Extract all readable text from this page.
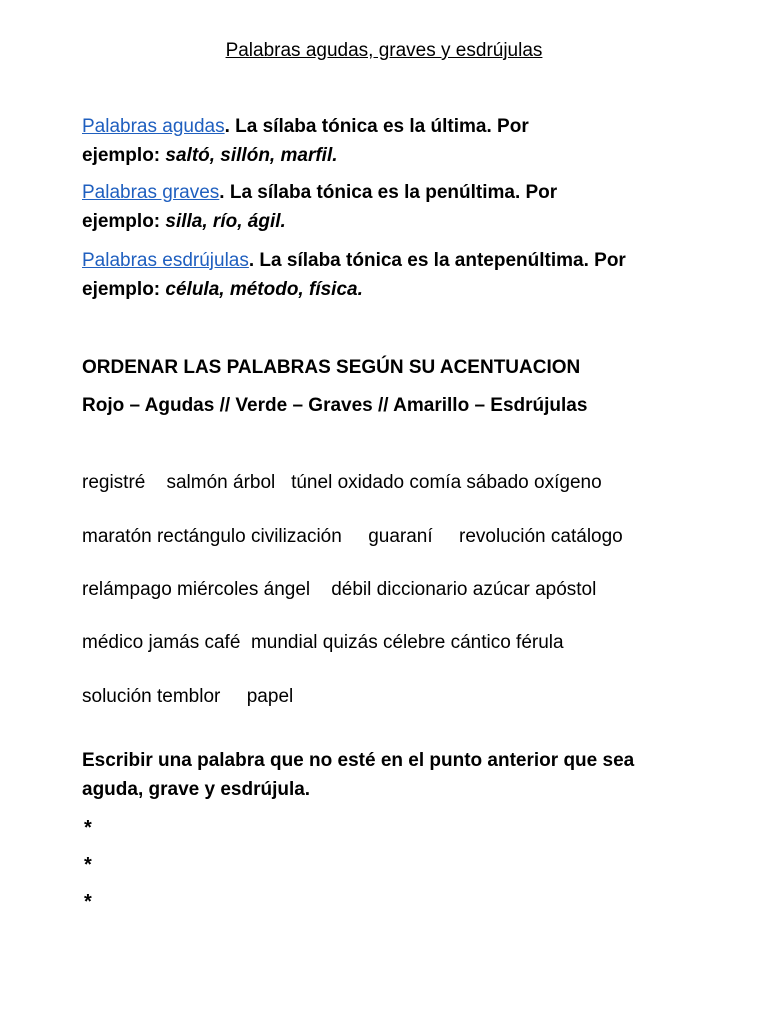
Palabras agudas, graves y esdrújulas
Palabras agudas. La sílaba tónica es la última. Por
ejemplo: saltó, sillón, marfil.
Palabras graves. La sílaba tónica es la penúltima. Por
ejemplo: silla, río, ágil.
Palabras esdrújulas. La sílaba tónica es la antepenúltima. Por
ejemplo: célula, método, física.
ORDENAR LAS PALABRAS SEGÚN SU ACENTUACION
Rojo – Agudas // Verde – Graves // Amarillo – Esdrújulas
registré    salmón árbol   túnel oxidado comía sábado oxígeno
maratón rectángulo civilización     guaraní     revolución catálogo
relámpago miércoles ángel    débil diccionario azúcar apóstol
médico jamás café  mundial quizás célebre cántico férula
solución temblor     papel
Escribir una palabra que no esté en el punto anterior que sea
aguda, grave y esdrújula.
*
*
*
